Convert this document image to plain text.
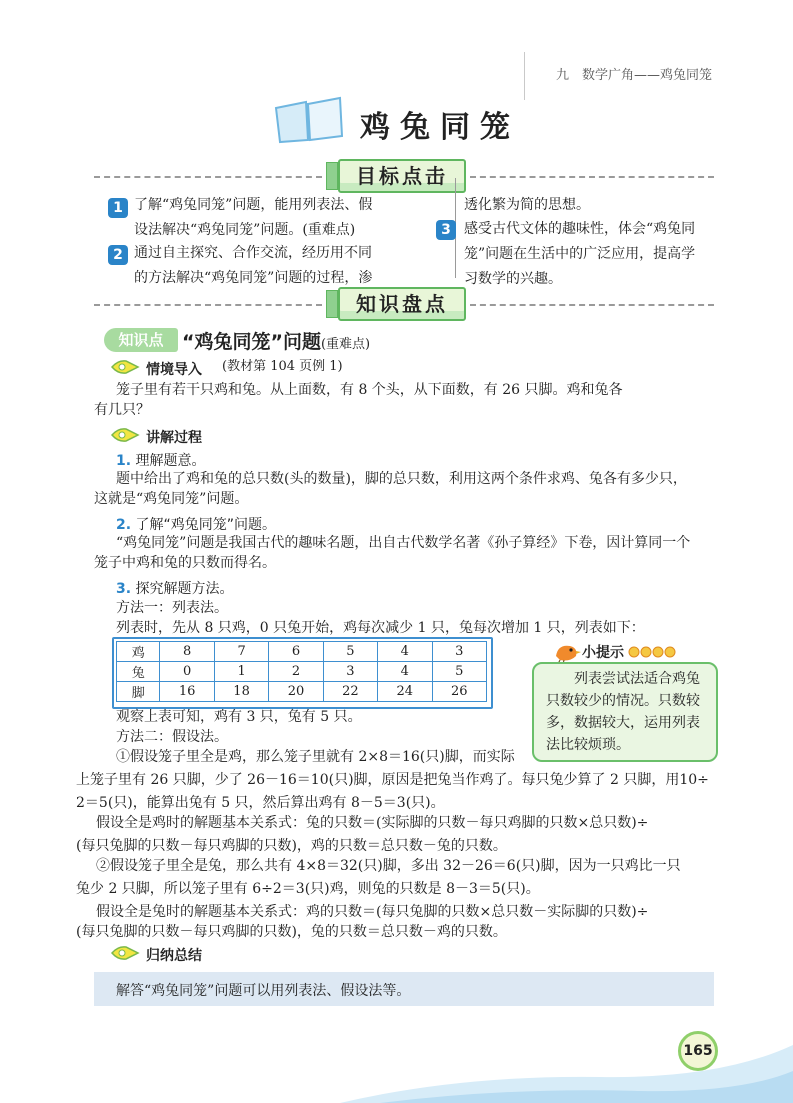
九　数学广角——鸡兔同笼
鸡兔同笼
目标点击
1 了解“鸡兔同笼”问题，能用列表法、假
设法解决“鸡兔同笼”问题。(重难点)
2 通过自主探究、合作交流，经历用不同
的方法解决“鸡兔同笼”问题的过程，渗
透化繁为简的思想。
3 感受古代文体的趣味性，体会“鸡兔同
笼”问题在生活中的广泛应用，提高学
习数学的兴趣。
知识盘点
知识点 “鸡兔同笼”问题(重难点)
情境导入 (教材第 104 页例 1)
笼子里有若干只鸡和兔。从上面数，有 8 个头，从下面数，有 26 只脚。鸡和兔各
有几只？
讲解过程
1. 理解题意。
题中给出了鸡和兔的总只数(头的数量)，脚的总只数，利用这两个条件求鸡、兔各有多少只，
这就是“鸡兔同笼”问题。
2. 了解“鸡兔同笼”问题。
“鸡兔同笼”问题是我国古代的趣味名题，出自古代数学名著《孙子算经》下卷，因计算同一个
笼子中鸡和兔的只数而得名。
3. 探究解题方法。
方法一：列表法。
列表时，先从 8 只鸡，0 只兔开始，鸡每次减少 1 只，兔每次增加 1 只，列表如下：
鸡	8	7	6	5	4	3
兔	0	1	2	3	4	5
脚	16	18	20	22	24	26
小提示
列表尝试法适合鸡兔只数较少的情况。只数较多，数据较大，运用列表法比较烦琐。
观察上表可知，鸡有 3 只，兔有 5 只。
方法二：假设法。
①假设笼子里全是鸡，那么笼子里就有 2×8＝16(只)脚，而实际
上笼子里有 26 只脚，少了 26－16＝10(只)脚，原因是把兔当作鸡了。每只兔少算了 2 只脚，用10÷
2＝5(只)，能算出兔有 5 只，然后算出鸡有 8－5＝3(只)。
假设全是鸡时的解题基本关系式：兔的只数＝(实际脚的只数－每只鸡脚的只数×总只数)÷
(每只兔脚的只数－每只鸡脚的只数)，鸡的只数＝总只数－兔的只数。
②假设笼子里全是兔，那么共有 4×8＝32(只)脚，多出 32－26＝6(只)脚，因为一只鸡比一只
兔少 2 只脚，所以笼子里有 6÷2＝3(只)鸡，则兔的只数是 8－3＝5(只)。
假设全是兔时的解题基本关系式：鸡的只数＝(每只兔脚的只数×总只数－实际脚的只数)÷
(每只兔脚的只数－每只鸡脚的只数)，兔的只数＝总只数－鸡的只数。
归纳总结
解答“鸡兔同笼”问题可以用列表法、假设法等。
165
